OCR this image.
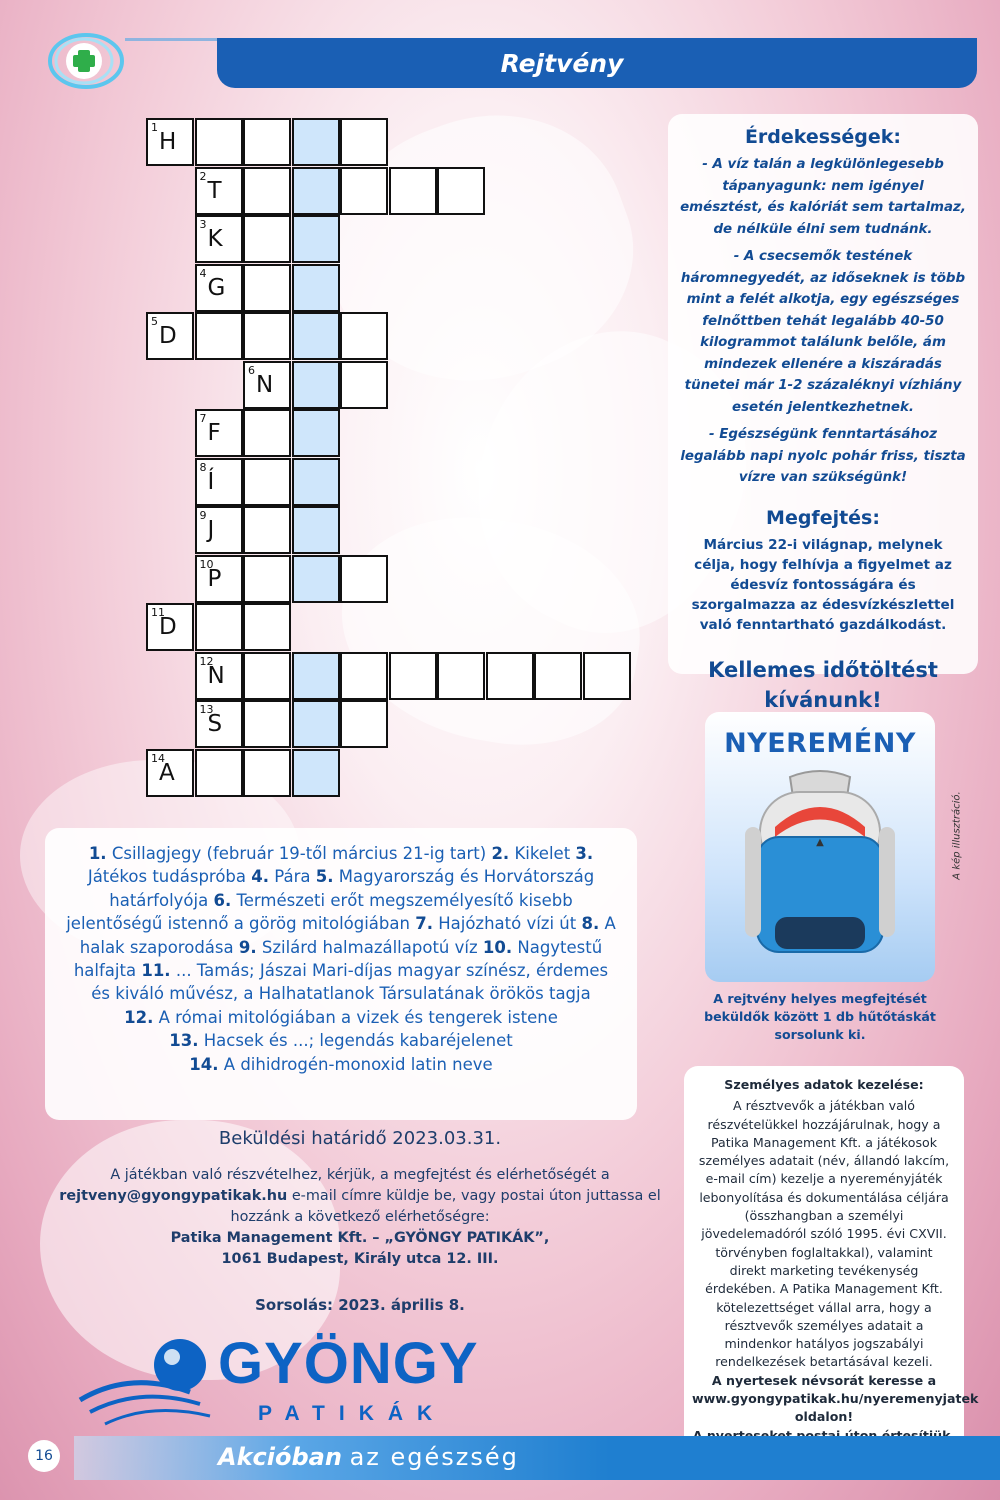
Rejtvény
1
H
2
T
3
K
4
G
5
D
6
N
7
F
8
Í
9
J
10
P
11
D
12
N
13
S
14
A
Érdekességek:

- A víz talán a legkülönlegesebb tápanyagunk: nem igényel emésztést, és kalóriát sem tartalmaz, de nélküle élni sem tudnánk.

- A csecsemők testének háromnegyedét, az időseknek is több mint a felét alkotja, egy egészséges felnőttben tehát legalább 40-50 kilogrammot találunk belőle, ám mindezek ellenére a kiszáradás tünetei már 1-2 százaléknyi vízhiány esetén jelentkezhetnek.

- Egészségünk fenntartásához legalább napi nyolc pohár friss, tiszta vízre van szükségünk!

Megfejtés:

Március 22-i világnap, melynek célja, hogy felhívja a figyelmet az édesvíz fontosságára és szorgalmazza az édesvízkészlettel való fenntartható gazdálkodást.

Kellemes időtöltést kívánunk!
NYEREMÉNY
▲	A kép illusztráció.
A rejtvény helyes megfejtését beküldők között 1 db hűtőtáskát sorsolunk ki.

1. Csillagjegy (február 19-től március 21-ig tart) 2. Kikelet 3. Játékos tudáspróba 4. Pára 5. Magyarország és Horvátország határfolyója 6. Természeti erőt megszemélyesítő kisebb jelentőségű istennő a görög mitológiában 7. Hajózható vízi út 8. A halak szaporodása 9. Szilárd halmazállapotú víz 10. Nagytestű halfajta 11. ... Tamás; Jászai Mari-díjas magyar színész, érdemes és kiváló művész, a Halhatatlanok Társulatának örökös tagja

12. A római mitológiában a vizek és tengerek istene

13. Hacsek és ...; legendás kabaréjelenet

14. A dihidrogén-monoxid latin neve

Beküldési határidő 2023.03.31.

A játékban való részvételhez, kérjük, a megfejtést és elérhetőségét a rejtveny@gyongypatikak.hu e-mail címre küldje be, vagy postai úton juttassa el hozzánk a következő elérhetőségre:

Patika Management Kft. – „GYÖNGY PATIKÁK”,
1061 Budapest, Király utca 12. III.
Sorsolás: 2023. április 8.
Személyes adatok kezelése:

A résztvevők a játékban való részvételükkel hozzájárulnak, hogy a Patika Management Kft. a játékosok személyes adatait (név, állandó lakcím, e-mail cím) kezelje a nyereményjáték lebonyolítása és dokumentálása céljára (összhangban a személyi jövedelemadóról szóló 1995. évi CXVII. törvényben foglaltakkal), valamint direkt marketing tevékenység érdekében. A Patika Management Kft. kötelezettséget vállal arra, hogy a résztvevők személyes adatait a mindenkor hatályos jogszabályi rendelkezések betartásával kezeli.

A nyertesek névsorát keresse a
www.gyongypatikak.hu/nyeremenyjatek
oldalon!
GYÖNGY
PATIKÁK
16	Akcióban az egészség
